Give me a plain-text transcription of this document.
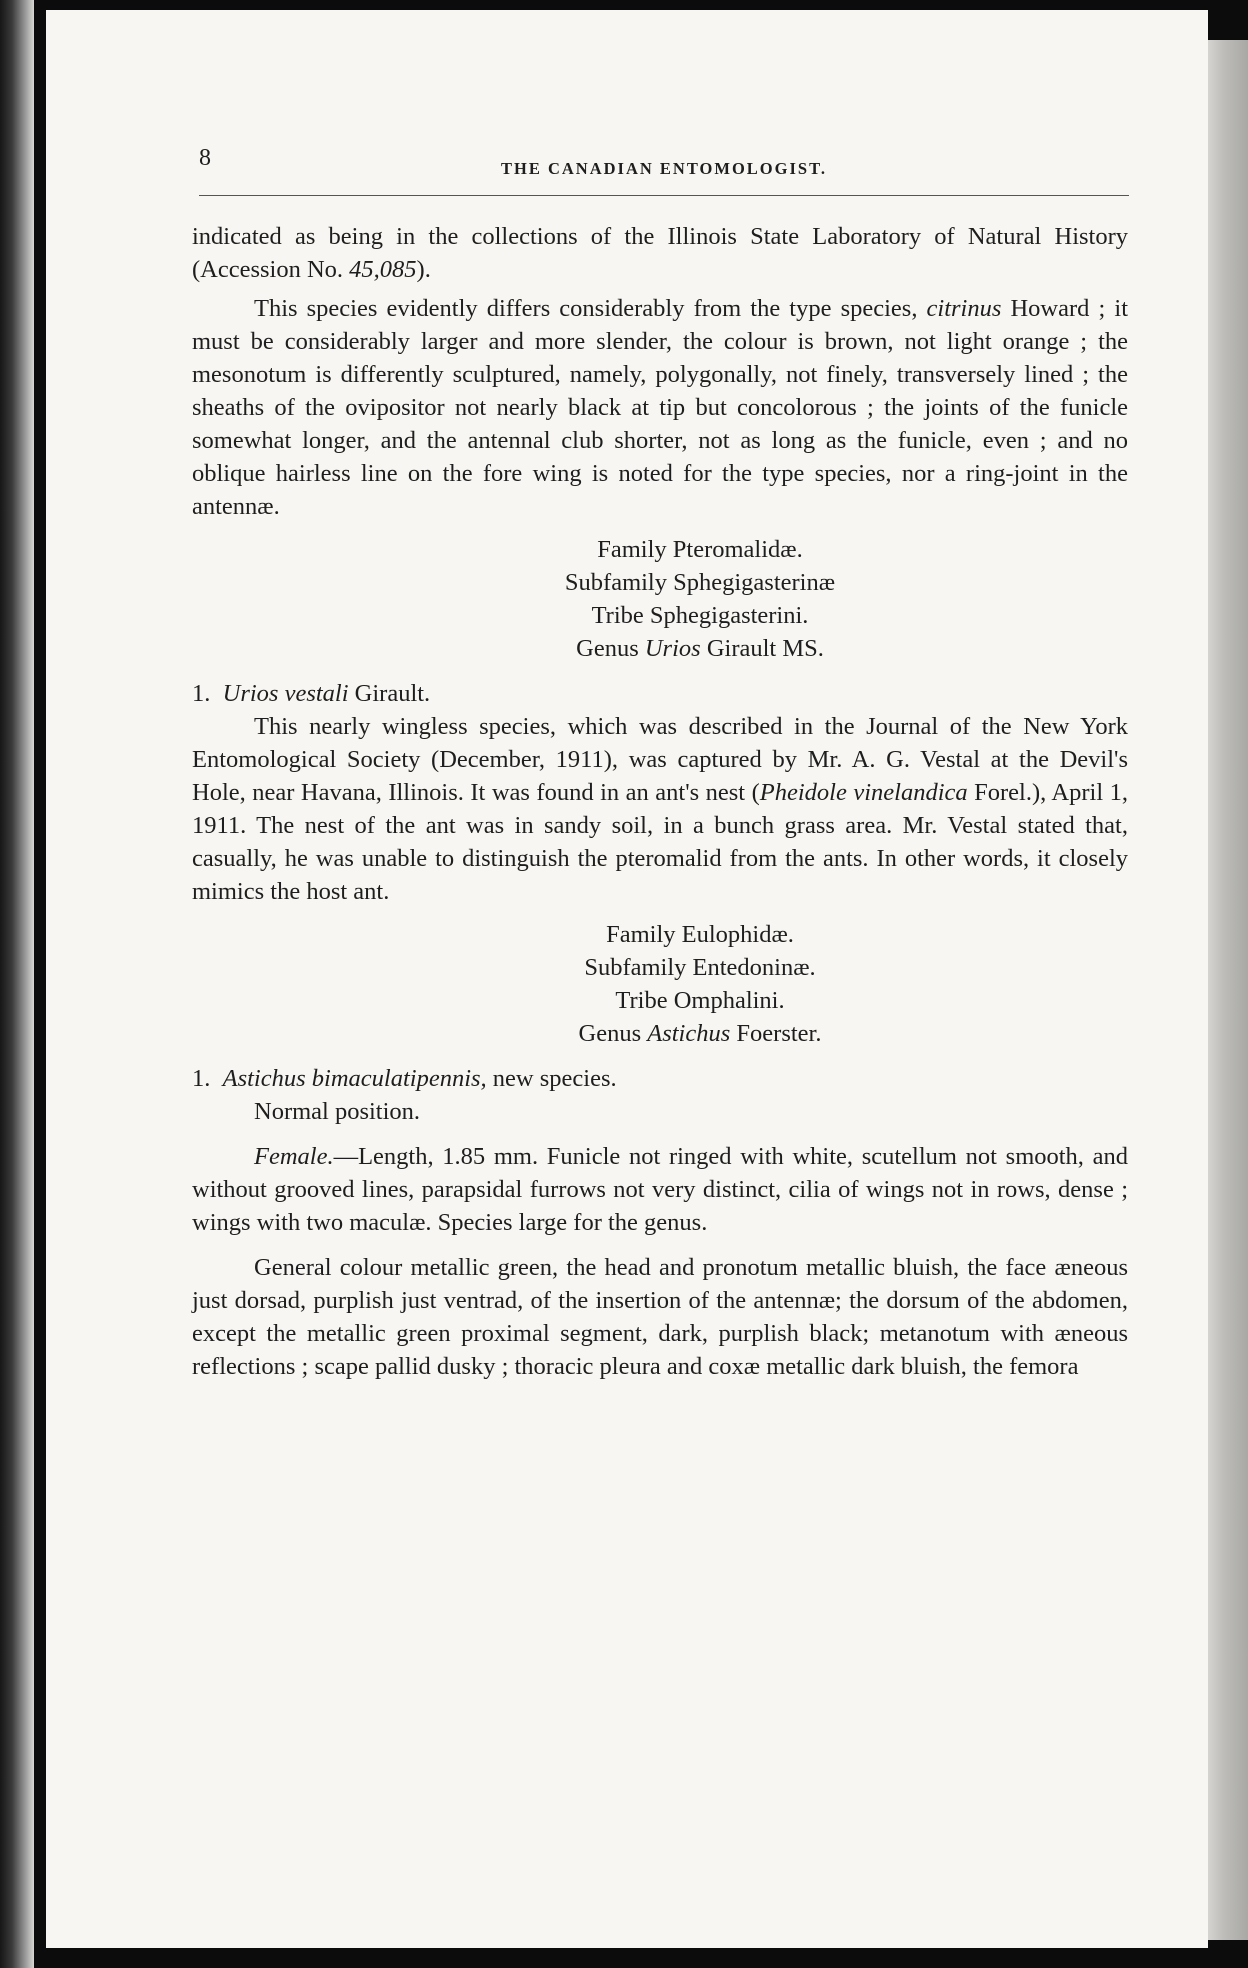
8	THE CANADIAN ENTOMOLOGIST.

indicated as being in the collections of the Illinois State Laboratory of Natural History (Accession No. 45,085).

This species evidently differs considerably from the type species, citrinus Howard ; it must be considerably larger and more slender, the colour is brown, not light orange ; the mesonotum is differently sculptured, namely, polygonally, not finely, transversely lined ; the sheaths of the ovipositor not nearly black at tip but concolorous ; the joints of the funicle somewhat longer, and the antennal club shorter, not as long as the funicle, even ; and no oblique hairless line on the fore wing is noted for the type species, nor a ring-joint in the antennæ.

Family Pteromalidæ.

Subfamily Sphegigasterinæ

Tribe Sphegigasterini.

Genus Urios Girault MS.

1. Urios vestali Girault.

This nearly wingless species, which was described in the Journal of the New York Entomological Society (December, 1911), was captured by Mr. A. G. Vestal at the Devil's Hole, near Havana, Illinois. It was found in an ant's nest (Pheidole vinelandica Forel.), April 1, 1911. The nest of the ant was in sandy soil, in a bunch grass area. Mr. Vestal stated that, casually, he was unable to distinguish the pteromalid from the ants. In other words, it closely mimics the host ant.

Family Eulophidæ.

Subfamily Entedoninæ.

Tribe Omphalini.

Genus Astichus Foerster.

1. Astichus bimaculatipennis, new species.

Normal position.

Female.—Length, 1.85 mm. Funicle not ringed with white, scutellum not smooth, and without grooved lines, parapsidal furrows not very distinct, cilia of wings not in rows, dense ; wings with two maculæ. Species large for the genus.

General colour metallic green, the head and pronotum metallic bluish, the face æneous just dorsad, purplish just ventrad, of the insertion of the antennæ; the dorsum of the abdomen, except the metallic green proximal segment, dark, purplish black; metanotum with æneous reflections ; scape pallid dusky ; thoracic pleura and coxæ metallic dark bluish, the femora
